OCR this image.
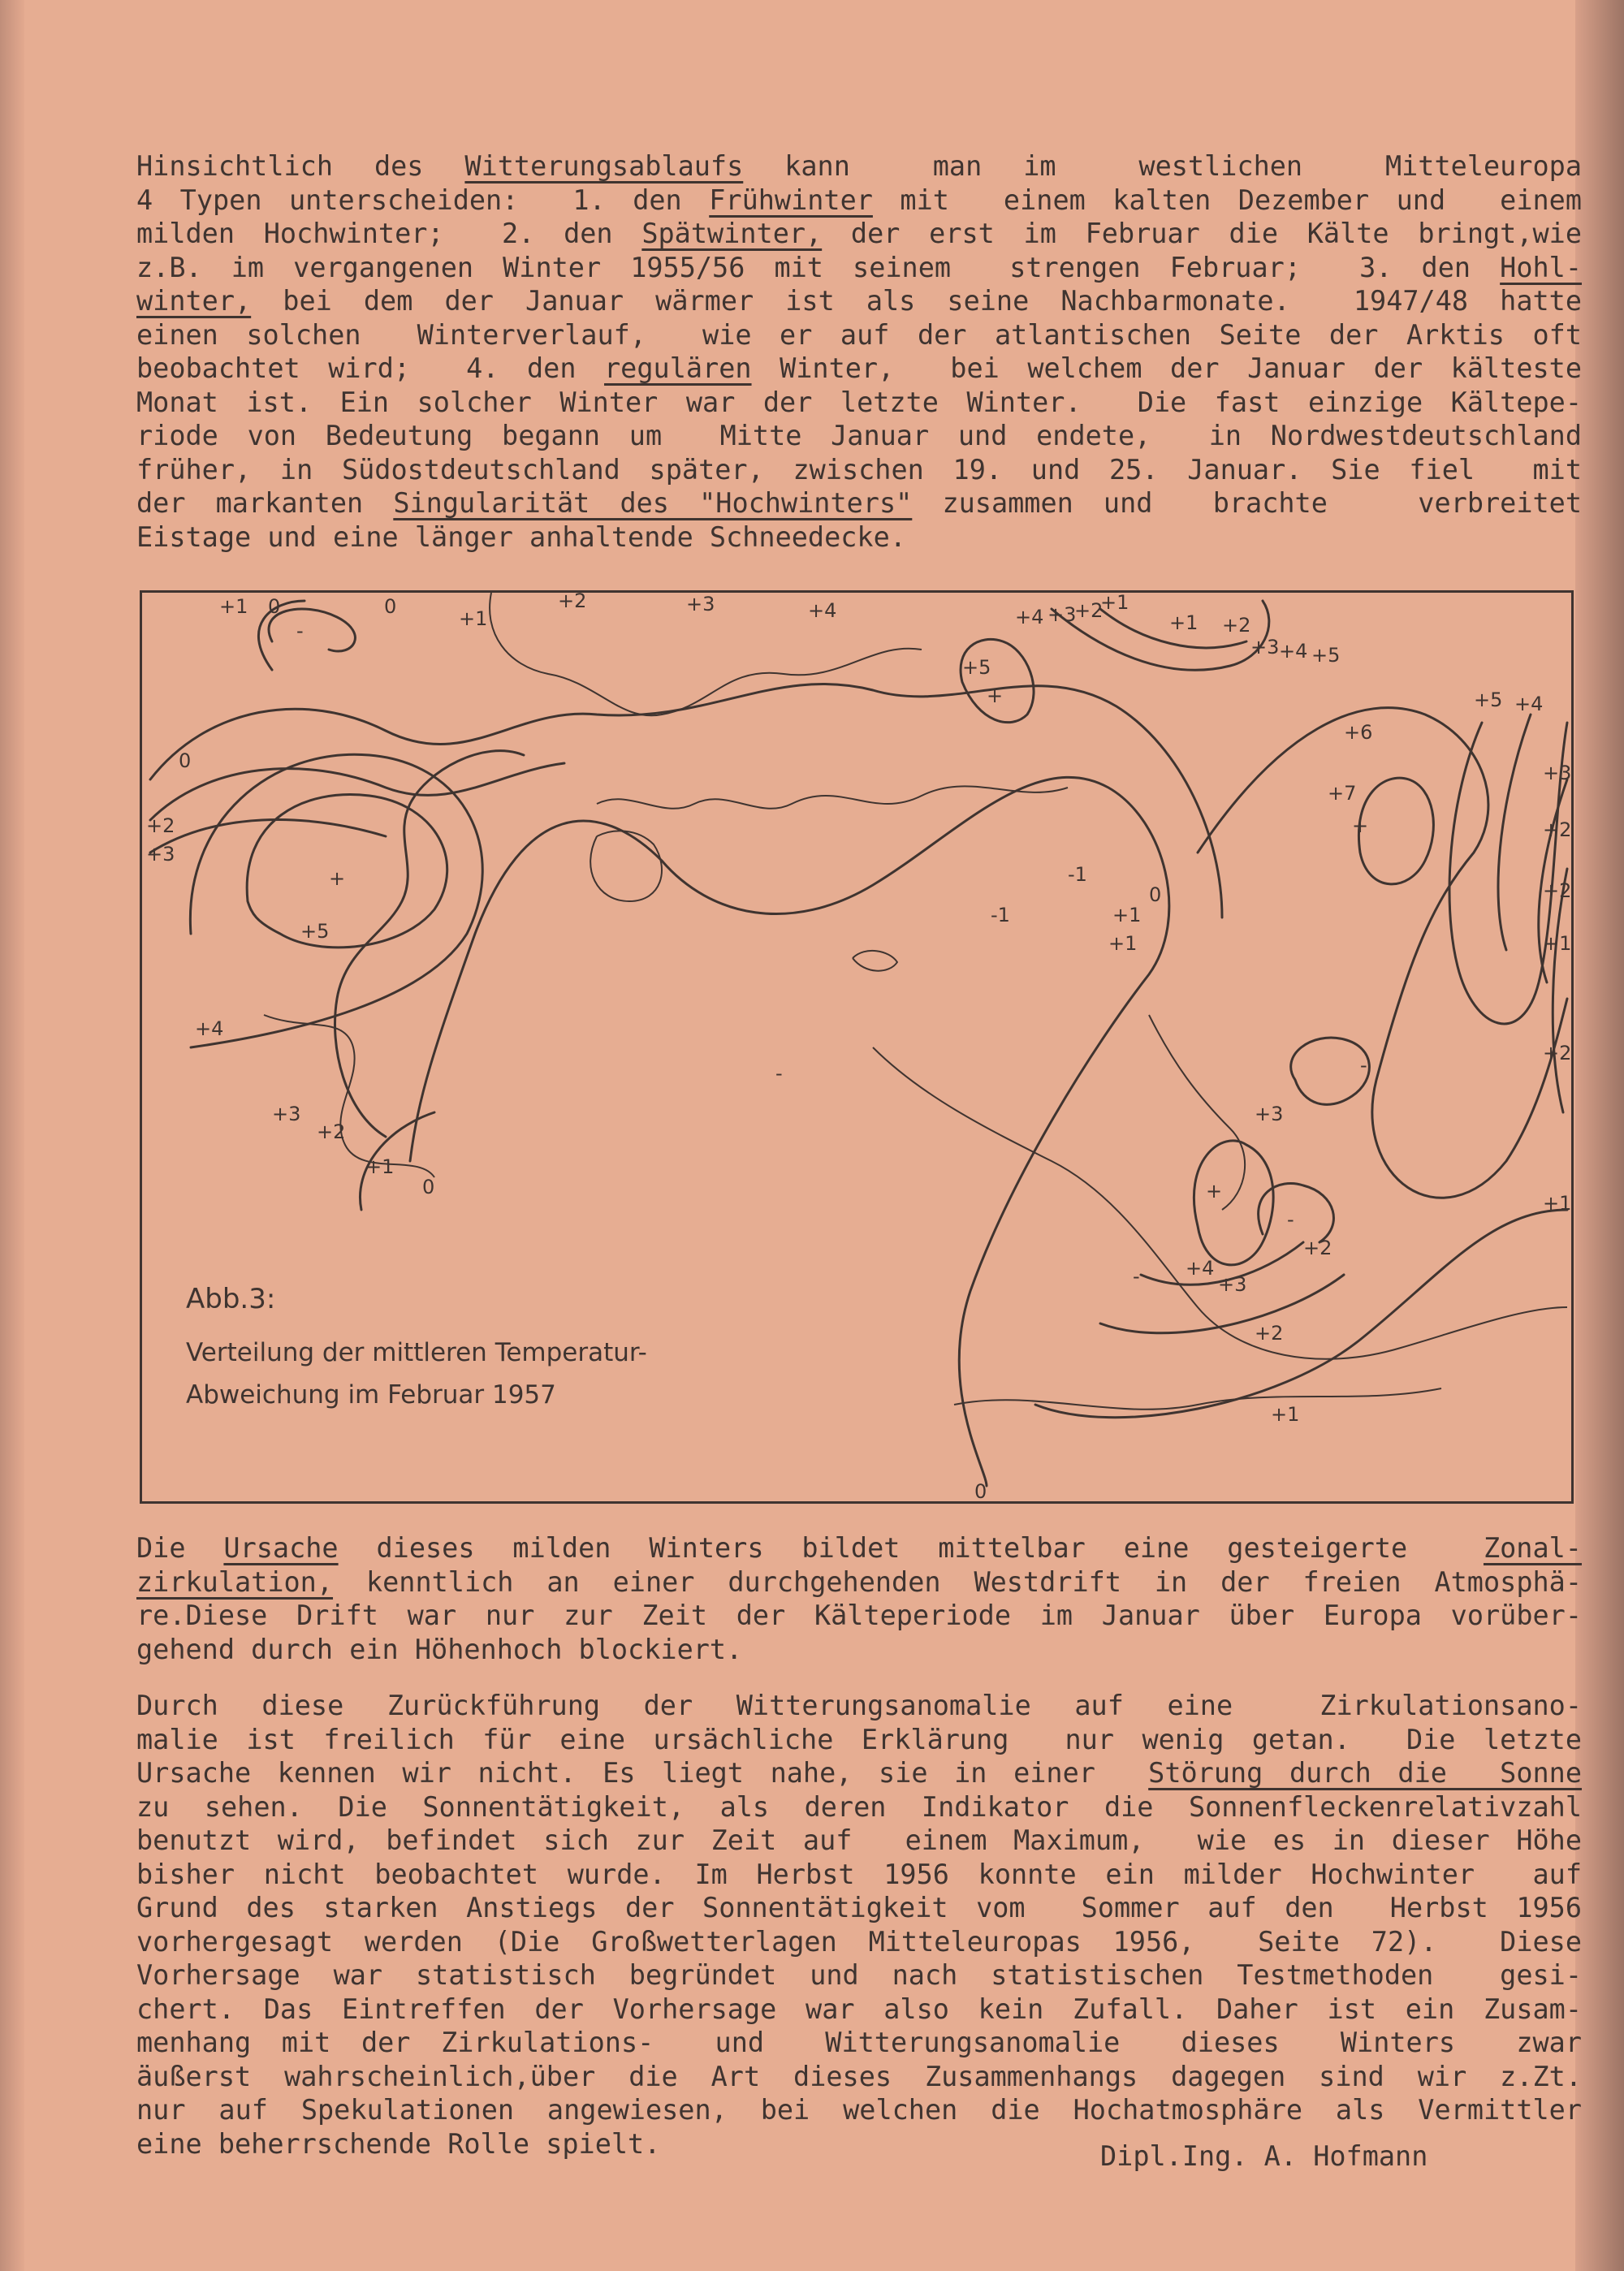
Hinsichtlich des Witterungsablaufs kann  man im  westlichen  Mitteleuropa
4 Typen unterscheiden:  1. den Frühwinter mit  einem kalten Dezember und  einem
milden Hochwinter;  2. den Spätwinter, der erst im Februar die Kälte bringt,wie
z.B. im vergangenen Winter 1955/56 mit seinem  strengen Februar;  3. den Hohl-
winter, bei dem der Januar wärmer ist als seine Nachbarmonate.  1947/48 hatte
einen solchen  Winterverlauf,  wie er auf der atlantischen Seite der Arktis oft
beobachtet wird;  4. den regulären Winter,  bei welchem der Januar der kälteste
Monat ist. Ein solcher Winter war der letzte Winter.  Die fast einzige Kältepe-
riode von Bedeutung begann um  Mitte Januar und endete,  in Nordwestdeutschland
früher, in Südostdeutschland später, zwischen 19. und 25. Januar. Sie fiel  mit
der markanten Singularität des "Hochwinters" zusammen und  brachte   verbreitet
Eistage und eine länger anhaltende Schneedecke.
+1 0
-
0
+1
+2	+3	+4	+4 +3
+2
+1
+2
+1
+3 +4 +5
+5
+	+5 +4
0
+2
+3
+
+5
+6
+7
+
+3
+2
-1
0
+1
-1
+1
+4
-
+2
+1
+3
+2
+1
0
-
+3
-
+2
+
+4
-
+2
+3
+2
+1
0
+1
Abb.3:
Verteilung der mittleren Temperatur-
Abweichung im Februar 1957
Die Ursache dieses milden Winters bildet mittelbar eine gesteigerte  Zonal-
zirkulation, kenntlich an einer durchgehenden Westdrift in der freien Atmosphä-
re.Diese Drift war nur zur Zeit der Kälteperiode im Januar über Europa vorüber-
gehend durch ein Höhenhoch blockiert.
Durch diese Zurückführung der Witterungsanomalie auf eine  Zirkulationsano-
malie ist freilich für eine ursächliche Erklärung  nur wenig getan.  Die letzte
Ursache kennen wir nicht. Es liegt nahe, sie in einer  Störung durch die  Sonne
zu sehen. Die Sonnentätigkeit, als deren Indikator die Sonnenfleckenrelativzahl
benutzt wird, befindet sich zur Zeit auf  einem Maximum,  wie es in dieser Höhe
bisher nicht beobachtet wurde. Im Herbst 1956 konnte ein milder Hochwinter  auf
Grund des starken Anstiegs der Sonnentätigkeit vom  Sommer auf den  Herbst 1956
vorhergesagt werden (Die Großwetterlagen Mitteleuropas 1956,  Seite 72).  Diese
Vorhersage war statistisch begründet und nach statistischen Testmethoden  gesi-
chert. Das Eintreffen der Vorhersage war also kein Zufall. Daher ist ein Zusam-
menhang mit der Zirkulations-  und  Witterungsanomalie  dieses  Winters  zwar
äußerst wahrscheinlich,über die Art dieses Zusammenhangs dagegen sind wir z.Zt.
nur auf Spekulationen angewiesen, bei welchen die Hochatmosphäre als Vermittler
eine beherrschende Rolle spielt.	Dipl.Ing. A. Hofmann
